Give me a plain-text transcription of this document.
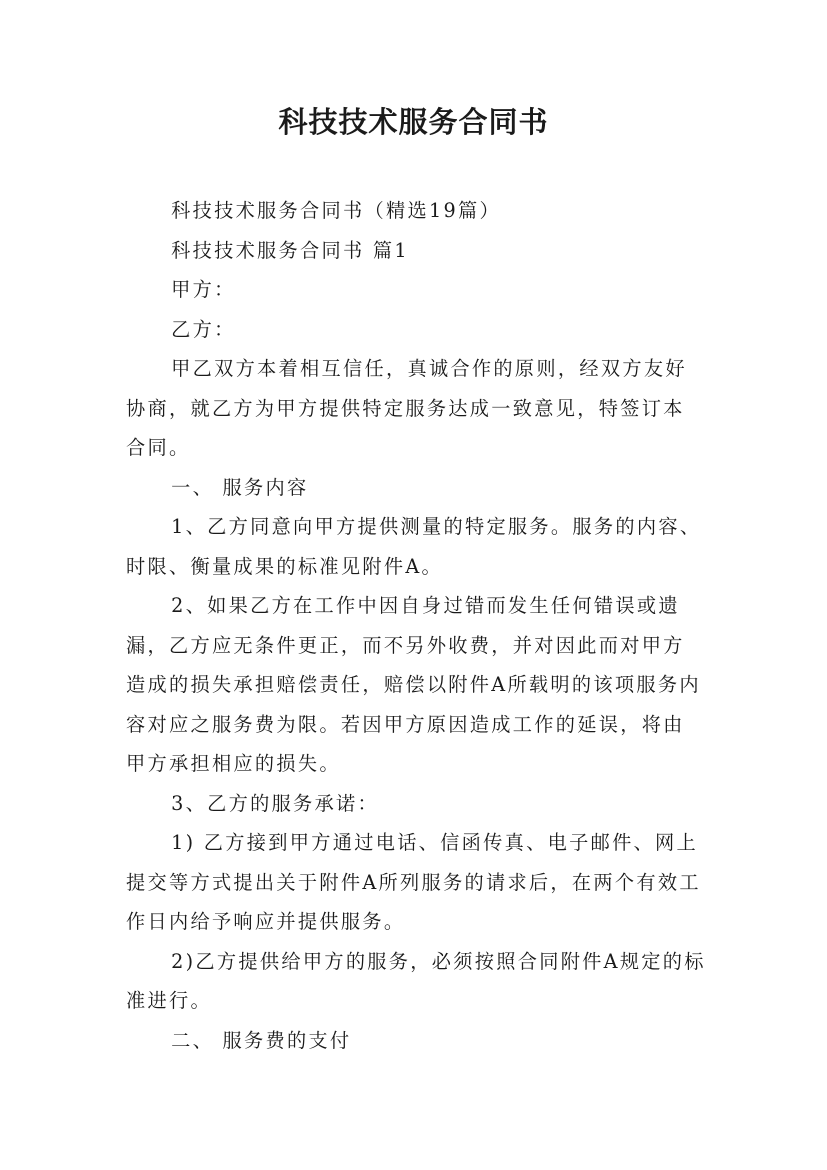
科技技术服务合同书

科技技术服务合同书（精选19篇）

科技技术服务合同书 篇1

甲方：

乙方：

甲乙双方本着相互信任，真诚合作的原则，经双方友好协商，就乙方为甲方提供特定服务达成一致意见，特签订本合同。

一、 服务内容

1、乙方同意向甲方提供测量的特定服务。服务的内容、时限、衡量成果的标准见附件A。

2、如果乙方在工作中因自身过错而发生任何错误或遗漏，乙方应无条件更正，而不另外收费，并对因此而对甲方造成的损失承担赔偿责任，赔偿以附件A所载明的该项服务内容对应之服务费为限。若因甲方原因造成工作的延误，将由甲方承担相应的损失。

3、乙方的服务承诺：

1) 乙方接到甲方通过电话、信函传真、电子邮件、网上提交等方式提出关于附件A所列服务的请求后，在两个有效工作日内给予响应并提供服务。

2)乙方提供给甲方的服务，必须按照合同附件A规定的标准进行。

二、 服务费的支付
